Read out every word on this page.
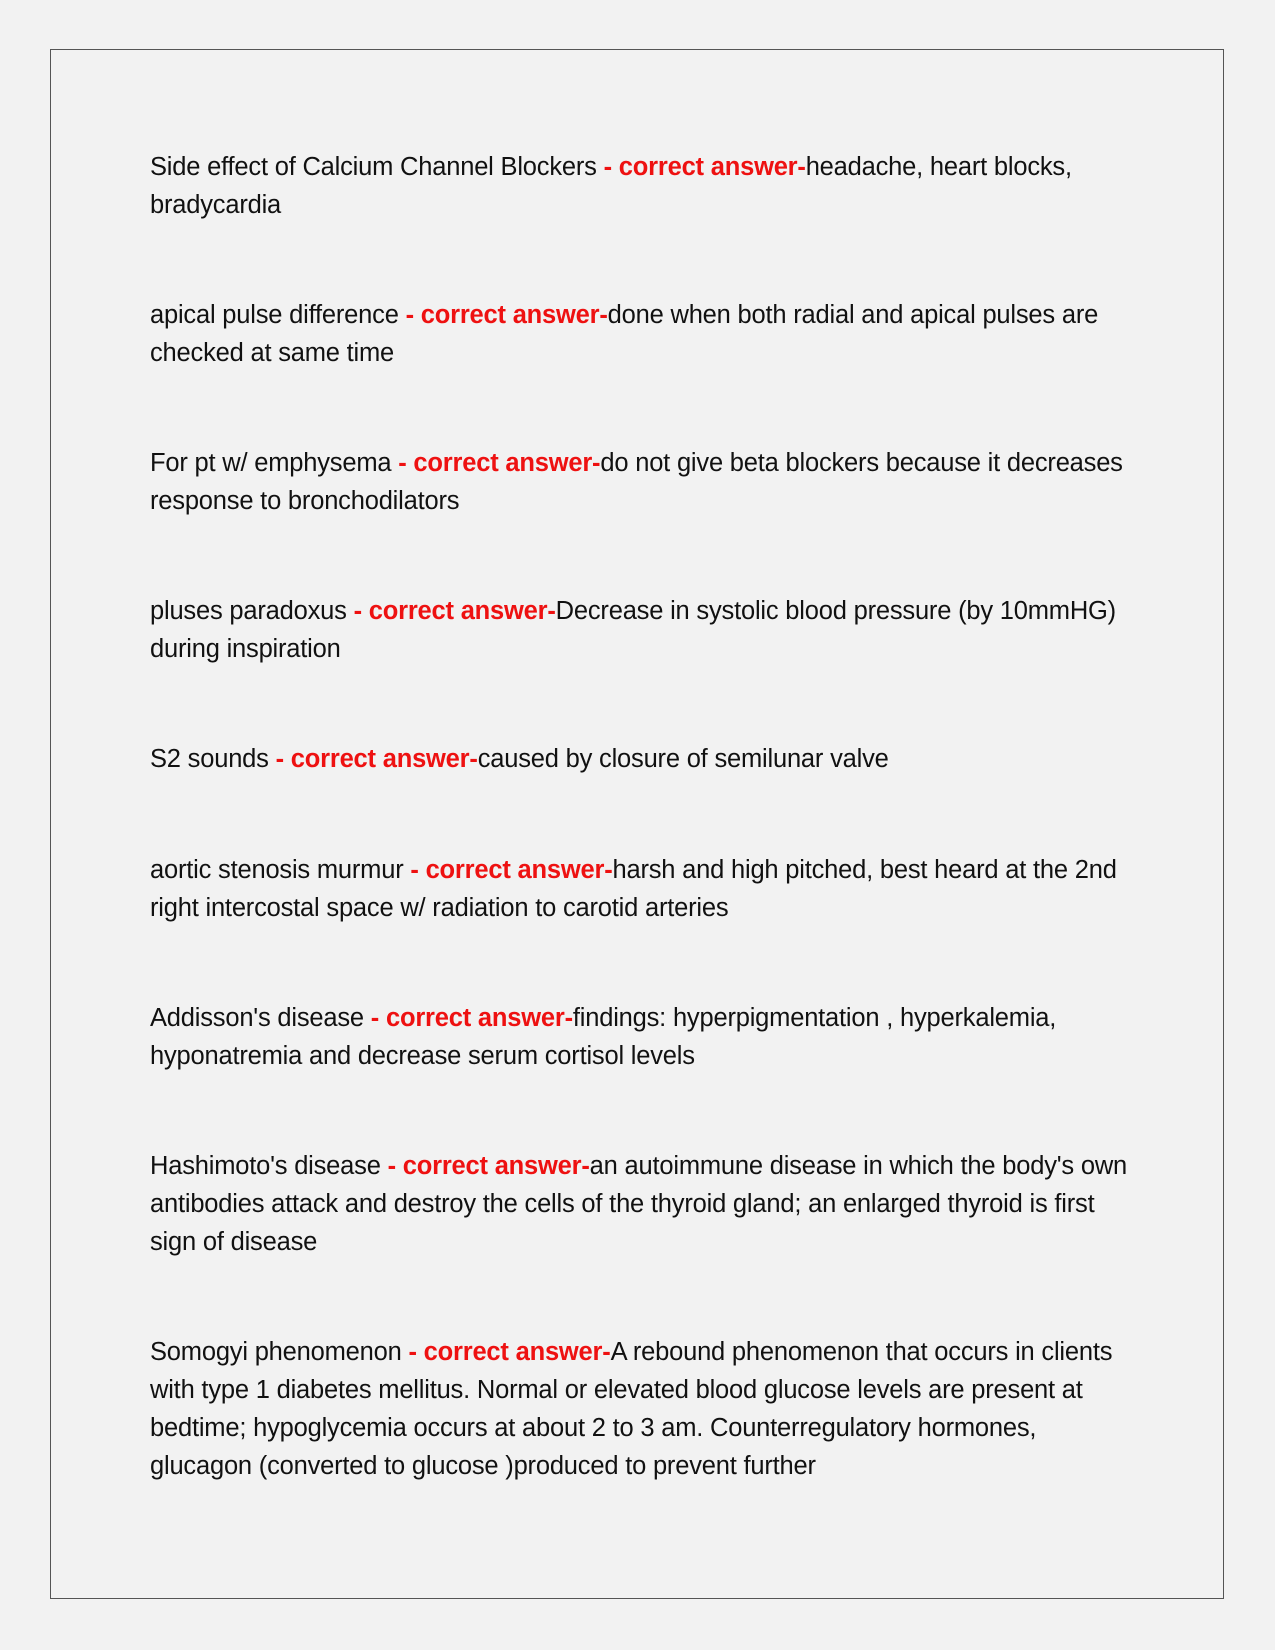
Side effect of Calcium Channel Blockers - correct answer-headache, heart blocks, bradycardia
apical pulse difference - correct answer-done when both radial and apical pulses are checked at same time
For pt w/ emphysema - correct answer-do not give beta blockers because it decreases response to bronchodilators
pluses paradoxus - correct answer-Decrease in systolic blood pressure (by 10mmHG) during inspiration
S2 sounds - correct answer-caused by closure of semilunar valve
aortic stenosis murmur - correct answer-harsh and high pitched, best heard at the 2nd right intercostal space w/ radiation to carotid arteries
Addisson's disease - correct answer-findings: hyperpigmentation , hyperkalemia, hyponatremia and decrease serum cortisol levels
Hashimoto's disease - correct answer-an autoimmune disease in which the body's own antibodies attack and destroy the cells of the thyroid gland; an enlarged thyroid is first sign of disease
Somogyi phenomenon - correct answer-A rebound phenomenon that occurs in clients with type 1 diabetes mellitus. Normal or elevated blood glucose levels are present at bedtime; hypoglycemia occurs at about 2 to 3 am. Counterregulatory hormones, glucagon (converted to glucose )produced to prevent further
